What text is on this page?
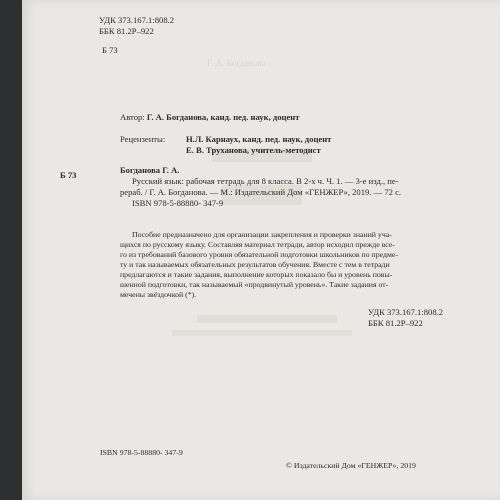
Г. А. Богданова
УДК 373.167.1:808.2
ББК 81.2Р–922
Б 73
Автор: Г. А. Богданова, канд. пед. наук, доцент
Рецензенты: Н.Л. Карнаух, канд. пед. наук, доцент
Е. В. Труханова, учитель-методист
Б 73	Богданова Г. А.
Русский язык: рабочая тетрадь для 8 класса. В 2-х ч. Ч. 1. — 3-е изд., пе-
рераб. / Г. А. Богданова. — М.: Издательский Дом «ГЕНЖЕР», 2019. — 72 с.
ISBN 978-5-88880- 347-9
Пособие предназначено для организации закрепления и проверки знаний уча-
щихся по русскому языку. Составляя материал тетради, автор исходил прежде все-
го из требований базового уровня обязательной подготовки школьников по предме-
ту и так называемых обязательных результатов обучения. Вместе с тем в тетради
предлагаются и такие задания, выполнение которых показало бы и уровень повы-
шенной подготовки, так называемый «продвинутый уровень». Такие задания от-
мечены звёздочкой (*).
УДК 373.167.1:808.2
ББК 81.2Р–922
ISBN 978-5-88880- 347-9
© Издательский Дом «ГЕНЖЕР», 2019
